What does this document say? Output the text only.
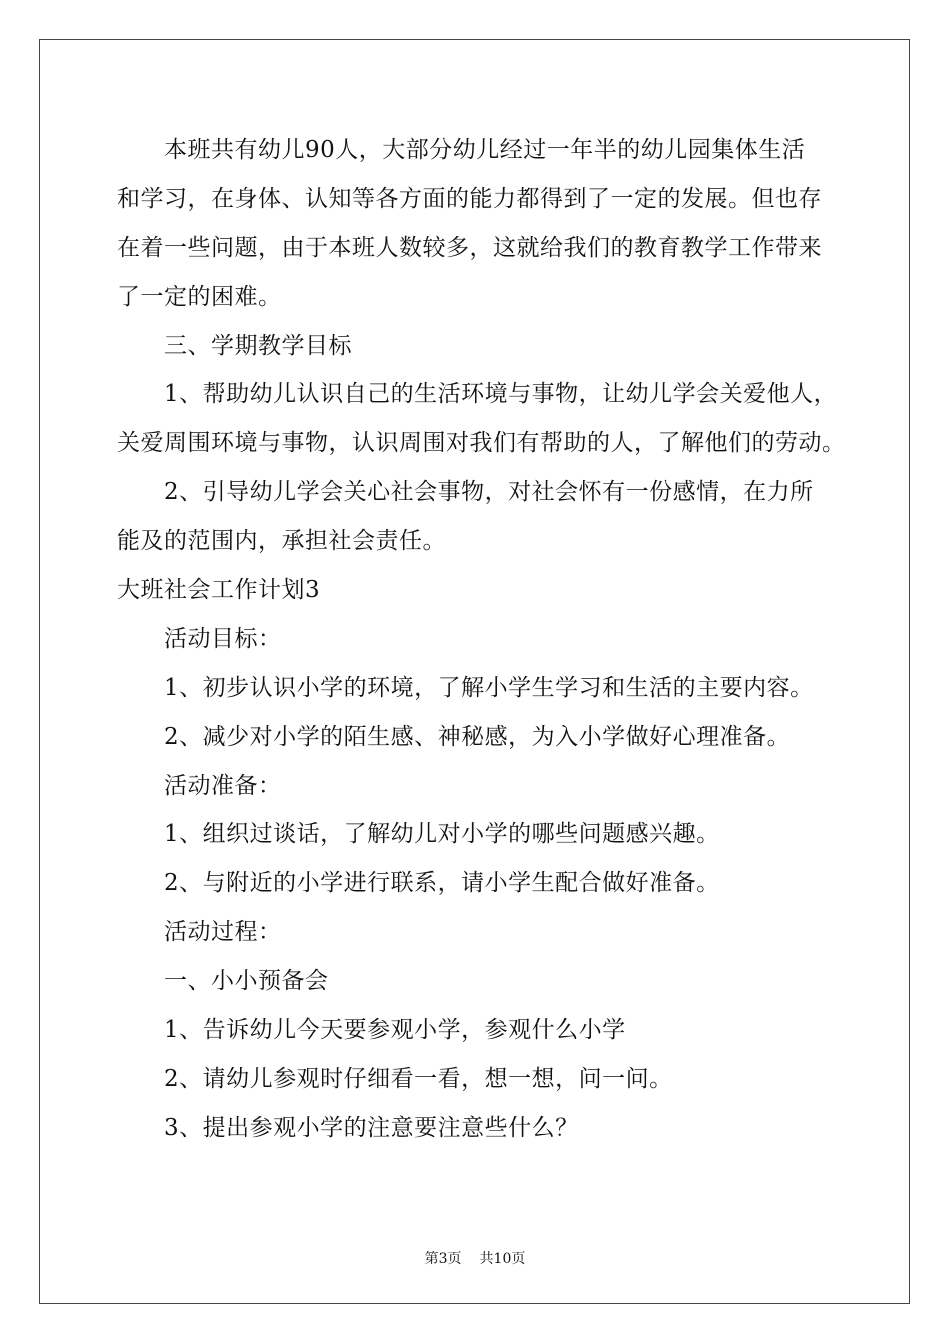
本班共有幼儿90人，大部分幼儿经过一年半的幼儿园集体生活
和学习，在身体、认知等各方面的能力都得到了一定的发展。但也存
在着一些问题，由于本班人数较多，这就给我们的教育教学工作带来
了一定的困难。
三、学期教学目标
1、帮助幼儿认识自己的生活环境与事物，让幼儿学会关爱他人，
关爱周围环境与事物，认识周围对我们有帮助的人，了解他们的劳动。
2、引导幼儿学会关心社会事物，对社会怀有一份感情，在力所
能及的范围内，承担社会责任。
大班社会工作计划3
活动目标：
1、初步认识小学的环境，了解小学生学习和生活的主要内容。
2、减少对小学的陌生感、神秘感，为入小学做好心理准备。
活动准备：
1、组织过谈话，了解幼儿对小学的哪些问题感兴趣。
2、与附近的小学进行联系，请小学生配合做好准备。
活动过程：
一、小小预备会
1、告诉幼儿今天要参观小学，参观什么小学
2、请幼儿参观时仔细看一看，想一想，问一问。
3、提出参观小学的注意要注意些什么？
第3页 共10页
